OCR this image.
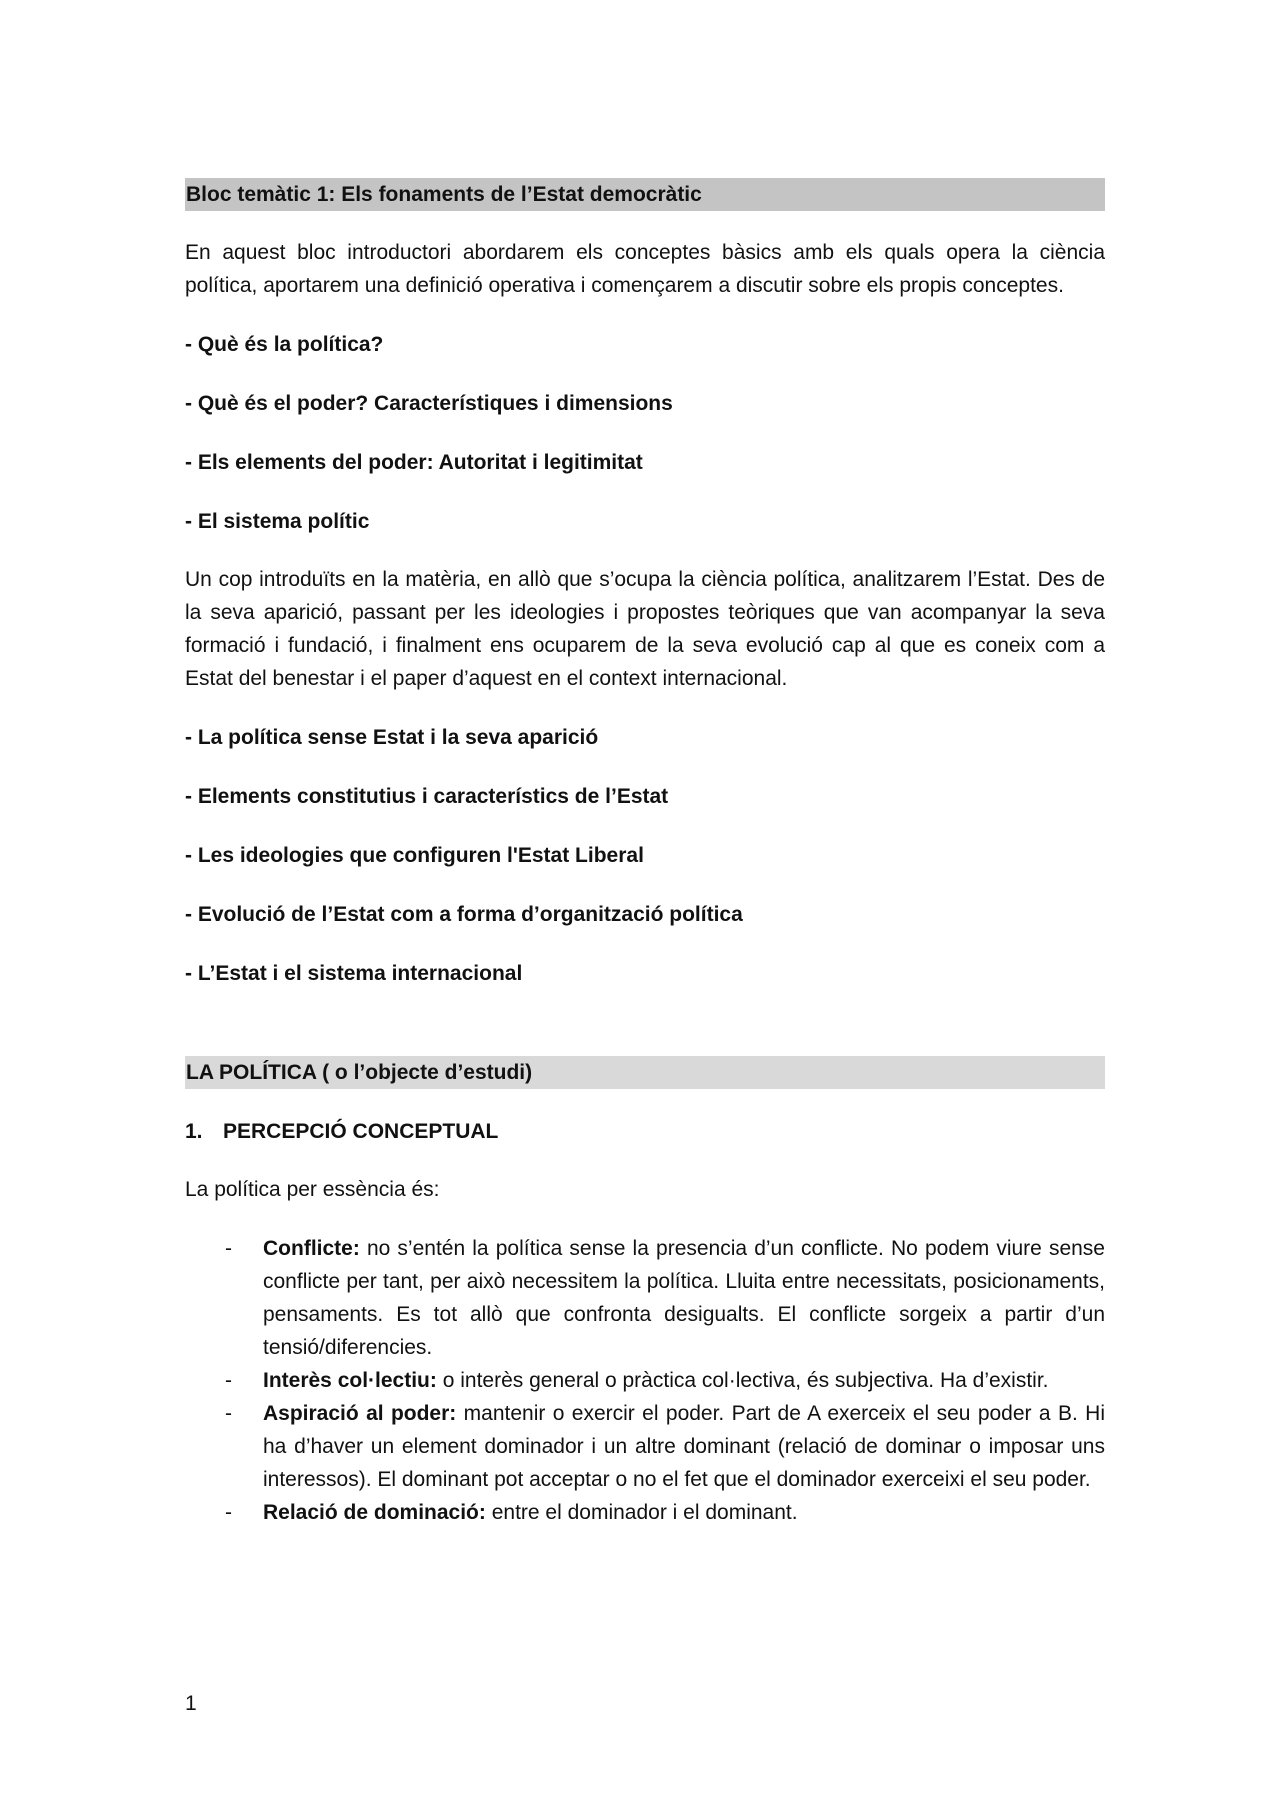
Bloc temàtic 1: Els fonaments de l’Estat democràtic

En aquest bloc introductori abordarem els conceptes bàsics amb els quals opera la ciència política, aportarem una definició operativa i començarem a discutir sobre els propis conceptes.

- Què és la política?

- Què és el poder? Característiques i dimensions

- Els elements del poder: Autoritat i legitimitat

- El sistema polític

Un cop introduïts en la matèria, en allò que s’ocupa la ciència política, analitzarem l’Estat. Des de la seva aparició, passant per les ideologies i propostes teòriques que van acompanyar la seva formació i fundació, i finalment ens ocuparem de la seva evolució cap al que es coneix com a Estat del benestar i el paper d’aquest en el context internacional.

- La política sense Estat i la seva aparició

- Elements constitutius i característics de l’Estat

- Les ideologies que configuren l'Estat Liberal

- Evolució de l’Estat com a forma d’organització política

- L’Estat i el sistema internacional

LA POLÍTICA ( o l’objecte d’estudi)

1. PERCEPCIÓ CONCEPTUAL

La política per essència és:

- Conflicte: no s’entén la política sense la presencia d’un conflicte. No podem viure sense conflicte per tant, per això necessitem la política. Lluita entre necessitats, posicionaments, pensaments. Es tot allò que confronta desigualts. El conflicte sorgeix a partir d’un tensió/diferencies.
- Interès col·lectiu: o interès general o pràctica col·lectiva, és subjectiva. Ha d’existir.
- Aspiració al poder: mantenir o exercir el poder. Part de A exerceix el seu poder a B. Hi ha d’haver un element dominador i un altre dominant (relació de dominar o imposar uns interessos). El dominant pot acceptar o no el fet que el dominador exerceixi el seu poder.
- Relació de dominació: entre el dominador i el dominant.
1
